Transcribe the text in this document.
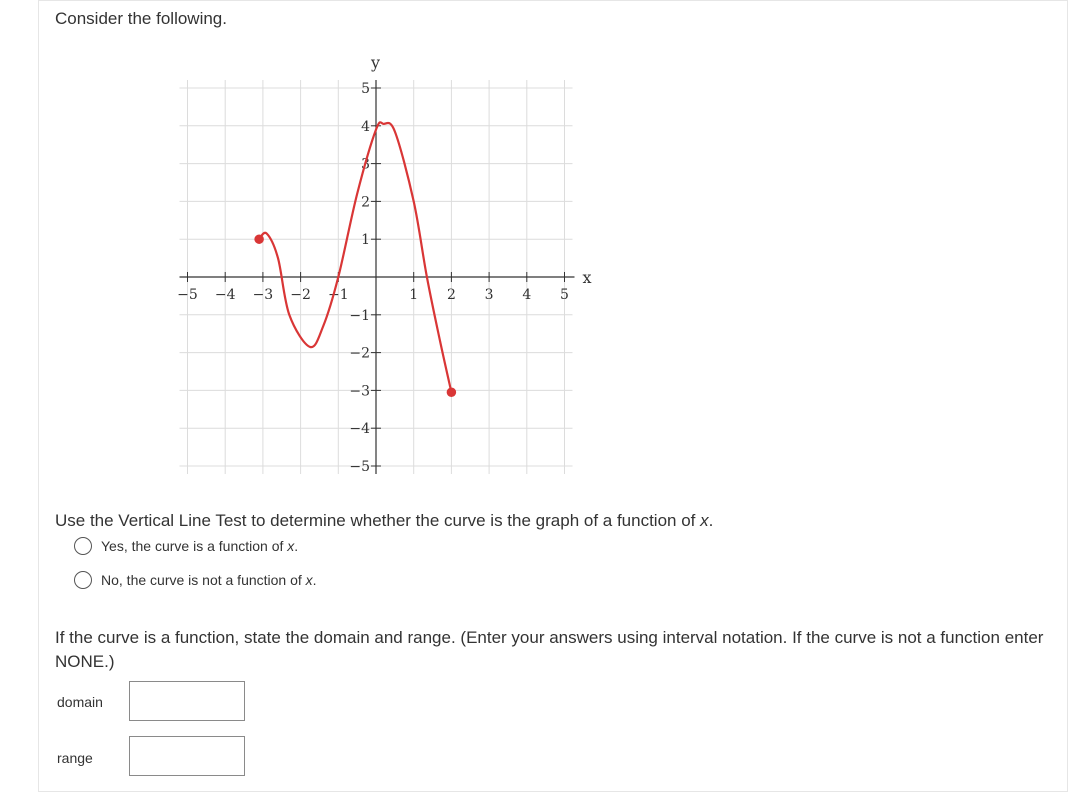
Consider the following.
x
y
−5 −4 −3 −2 −1	1 2 3 4 5
5
4
3
2
1
−1
−2
−3
−4
−5
Use the Vertical Line Test to determine whether the curve is the graph of a function of x.
Yes, the curve is a function of x.
No, the curve is not a function of x.
If the curve is a function, state the domain and range. (Enter your answers using interval notation. If the curve is not a function enter NONE.)
domain
range
